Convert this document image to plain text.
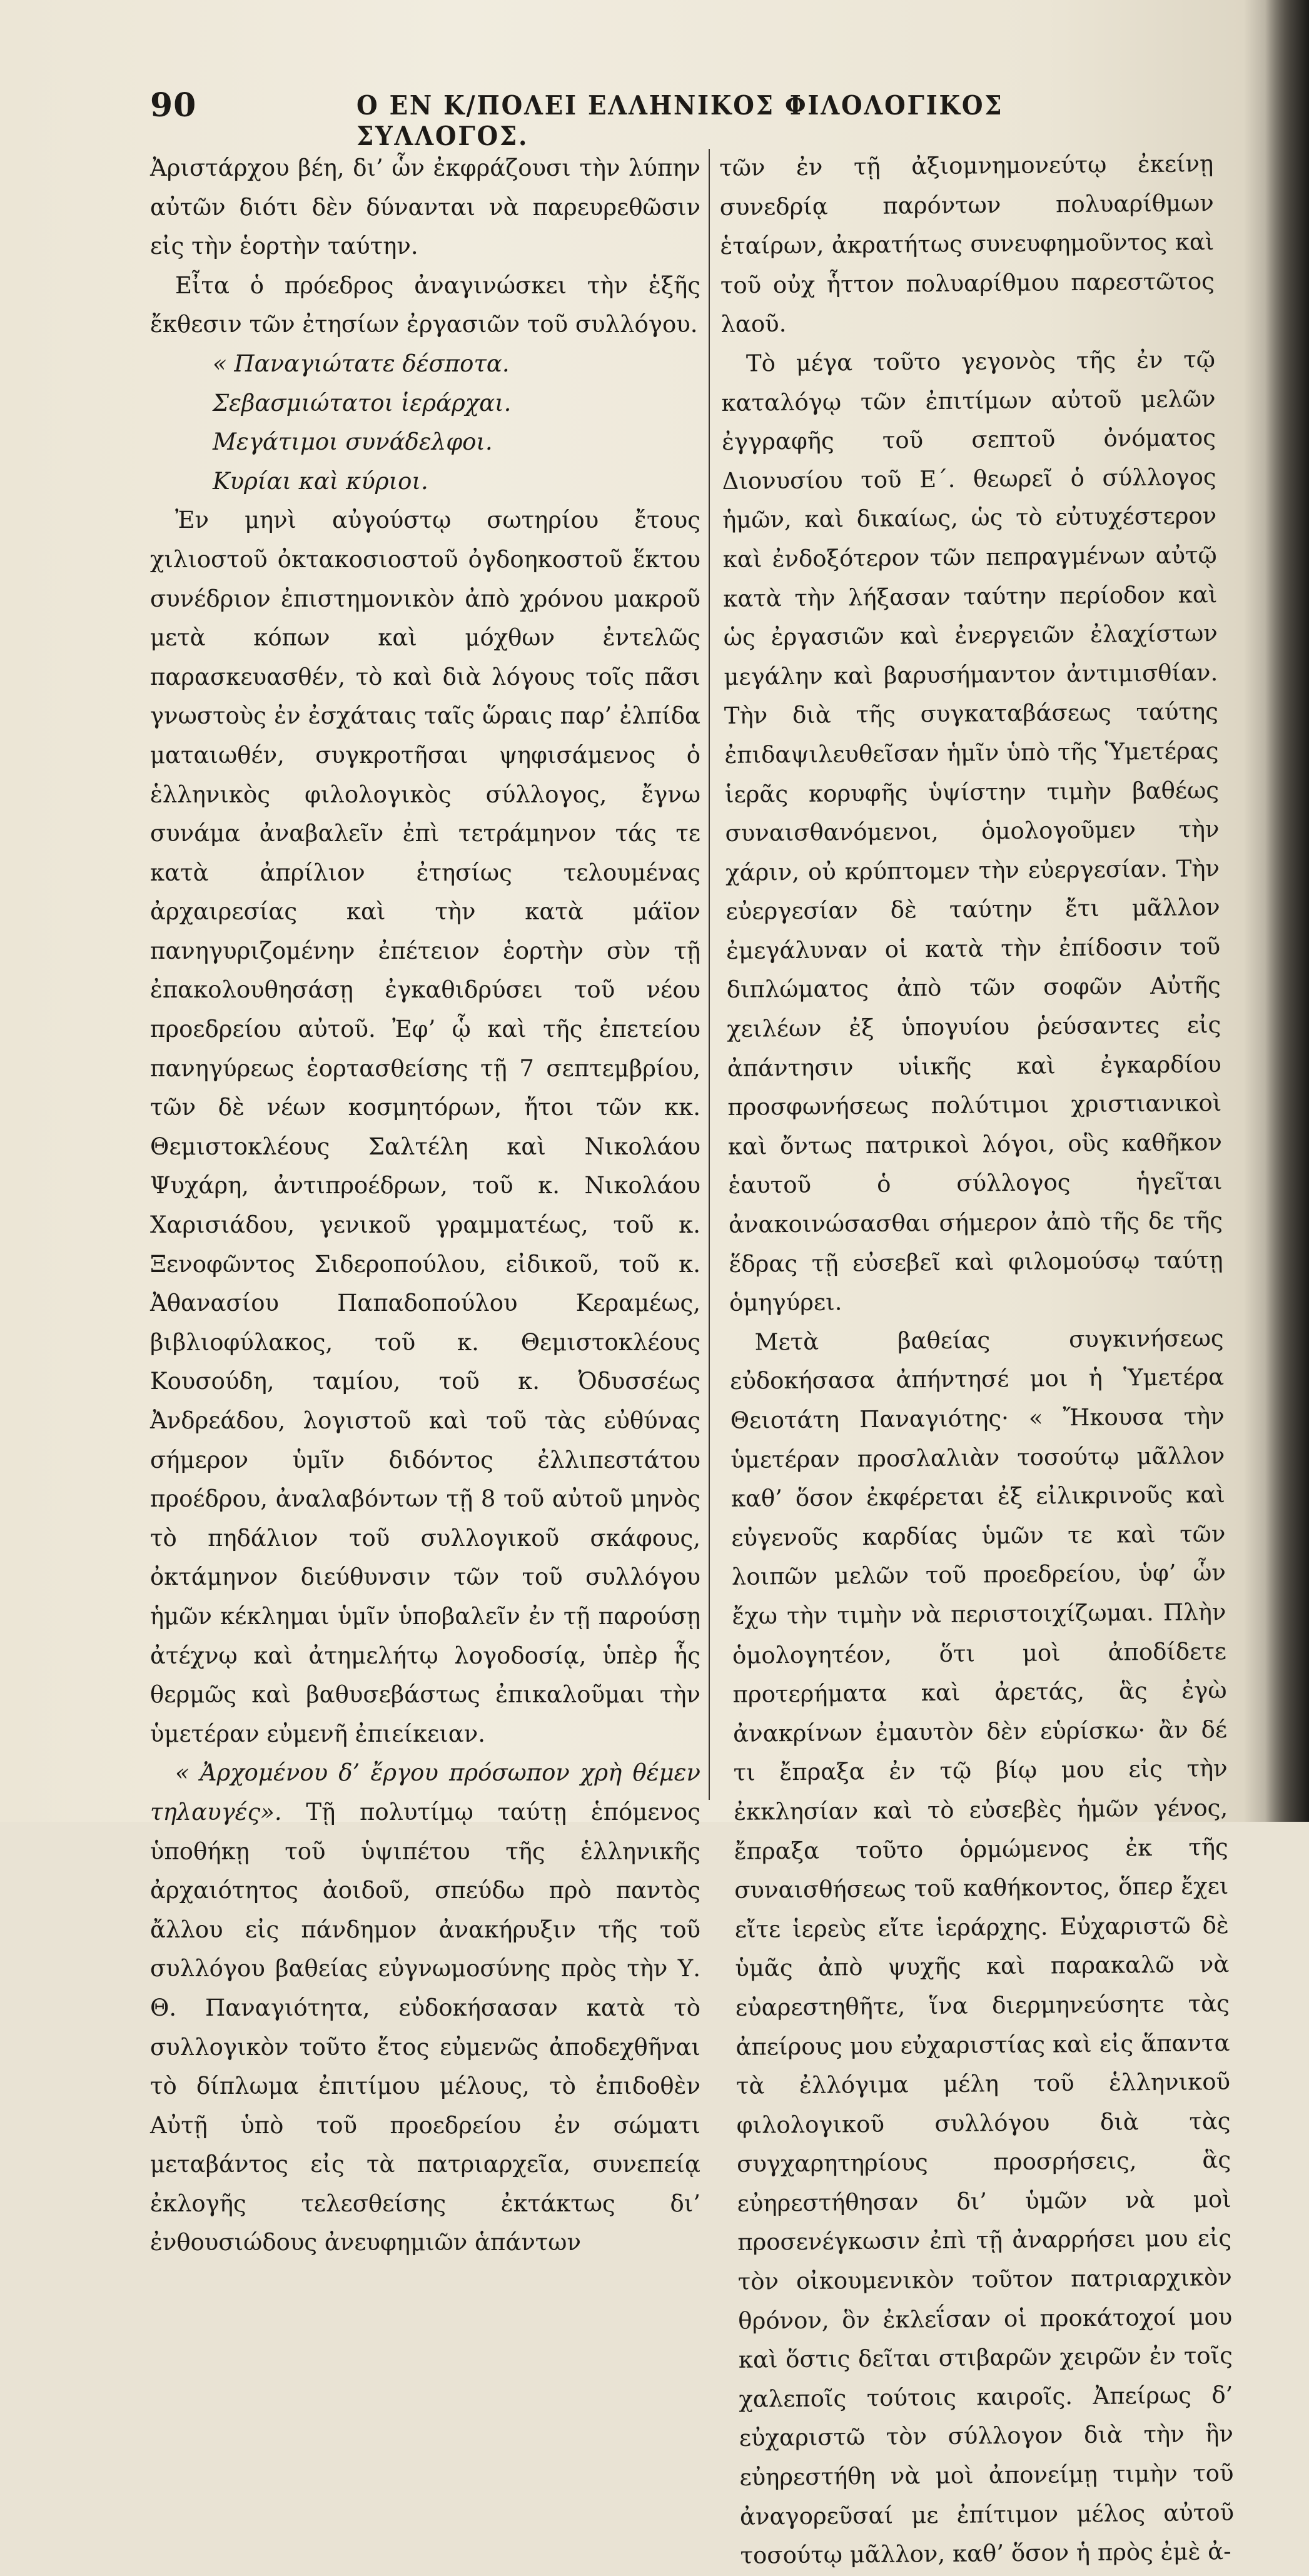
90	Ο ΕΝ Κ/ΠΟΛΕΙ ΕΛΛΗΝΙΚΟΣ ΦΙΛΟΛΟΓΙΚΟΣ ΣΥΛΛΟΓΟΣ.

Ἀριστάρχου βέη, δι’ ὧν ἐκφράζουσι τὴν λύπην αὐτῶν διότι δὲν δύνανται νὰ παρευρεθῶσιν εἰς τὴν ἑορτὴν ταύτην.

Εἶτα ὁ πρόεδρος ἀναγινώσκει τὴν ἑξῆς ἔκθεσιν τῶν ἐτησίων ἐργασιῶν τοῦ συλλόγου.

« Παναγιώτατε δέσποτα.

Σεβασμιώτατοι ἱεράρχαι.

Μεγάτιμοι συνάδελφοι.

Κυρίαι καὶ κύριοι.

Ἐν μηνὶ αὐγούστῳ σωτηρίου ἔτους χιλιοστοῦ ὀκτακοσιοστοῦ ὀγδοηκοστοῦ ἕκτου συνέδριον ἐπιστημονικὸν ἀπὸ χρόνου μακροῦ μετὰ κόπων καὶ μόχθων ἐντελῶς παρασκευασθέν, τὸ καὶ διὰ λόγους τοῖς πᾶσι γνωστοὺς ἐν ἐσχάταις ταῖς ὥραις παρ’ ἐλπίδα ματαιωθέν, συγκροτῆσαι ψηφισάμενος ὁ ἑλληνικὸς φιλολογικὸς σύλλογος, ἔγνω συνάμα ἀναβαλεῖν ἐπὶ τετράμηνον τάς τε κατὰ ἀπρίλιον ἐτησίως τελουμένας ἀρχαιρεσίας καὶ τὴν κατὰ μάϊον πανηγυριζομένην ἐπέτειον ἑορτὴν σὺν τῇ ἐπακολουθησάσῃ ἐγκαθιδρύσει τοῦ νέου προεδρείου αὐτοῦ. Ἐφ’ ᾧ καὶ τῆς ἐπετείου πανηγύρεως ἑορτασθείσης τῇ 7 σεπτεμβρίου, τῶν δὲ νέων κοσμητόρων, ἤτοι τῶν κκ. Θεμιστοκλέους Σαλτέλη καὶ Νικολάου Ψυχάρη, ἀντιπροέδρων, τοῦ κ. Νικολάου Χαρισιάδου, γενικοῦ γραμματέως, τοῦ κ. Ξενοφῶντος Σιδεροπούλου, εἰδικοῦ, τοῦ κ. Ἀθανασίου Παπαδοπούλου Κεραμέως, βιβλιοφύλακος, τοῦ κ. Θεμιστοκλέους Κουσούδη, ταμίου, τοῦ κ. Ὀδυσσέως Ἀνδρεάδου, λογιστοῦ καὶ τοῦ τὰς εὐθύνας σήμερον ὑμῖν διδόντος ἐλλιπεστάτου προέδρου, ἀναλαβόντων τῇ 8 τοῦ αὐτοῦ μηνὸς τὸ πηδάλιον τοῦ συλλογικοῦ σκάφους, ὀκτάμηνον διεύθυνσιν τῶν τοῦ συλλόγου ἡμῶν κέκλημαι ὑμῖν ὑποβαλεῖν ἐν τῇ παρούσῃ ἀτέχνῳ καὶ ἀτημελήτῳ λογοδοσίᾳ, ὑπὲρ ἧς θερμῶς καὶ βαθυσεβάστως ἐπικαλοῦμαι τὴν ὑμετέραν εὐμενῆ ἐπιείκειαν.

« Ἀρχομένου δ’ ἔργου πρόσωπον χρὴ θέμεν τηλαυγές». Τῇ πολυτίμῳ ταύτῃ ἑπόμενος ὑποθήκῃ τοῦ ὑψιπέτου τῆς ἑλληνικῆς ἀρχαιότητος ἀοιδοῦ, σπεύδω πρὸ παντὸς ἄλλου εἰς πάνδημον ἀνακήρυξιν τῆς τοῦ συλλόγου βαθείας εὐγνωμοσύνης πρὸς τὴν Υ. Θ. Παναγιότητα, εὐδοκήσασαν κατὰ τὸ συλλογικὸν τοῦτο ἔτος εὐμενῶς ἀποδεχθῆναι τὸ δίπλωμα ἐπιτίμου μέλους, τὸ ἐπιδοθὲν Αὐτῇ ὑπὸ τοῦ προεδρείου ἐν σώματι μεταβάντος εἰς τὰ πατριαρχεῖα, συνεπείᾳ ἐκλογῆς τελεσθείσης ἐκτάκτως δι’ ἐνθουσιώδους ἀνευφημιῶν ἁπάντων

τῶν ἐν τῇ ἀξιομνημονεύτῳ ἐκείνῃ συνεδρίᾳ παρόντων πολυαρίθμων ἑταίρων, ἀκρατήτως συνευφημοῦντος καὶ τοῦ οὐχ ἧττον πολυαρίθμου παρεστῶτος λαοῦ.

Τὸ μέγα τοῦτο γεγονὸς τῆς ἐν τῷ καταλόγῳ τῶν ἐπιτίμων αὐτοῦ μελῶν ἐγγραφῆς τοῦ σεπτοῦ ὀνόματος Διονυσίου τοῦ Ε΄. θεωρεῖ ὁ σύλλογος ἡμῶν, καὶ δικαίως, ὡς τὸ εὐτυχέστερον καὶ ἐνδοξότερον τῶν πεπραγμένων αὐτῷ κατὰ τὴν λήξασαν ταύτην περίοδον καὶ ὡς ἐργασιῶν καὶ ἐνεργειῶν ἐλαχίστων μεγάλην καὶ βαρυσήμαντον ἀντιμισθίαν. Τὴν διὰ τῆς συγκαταβάσεως ταύτης ἐπιδαψιλευθεῖσαν ἡμῖν ὑπὸ τῆς Ὑμετέρας ἱερᾶς κορυφῆς ὑψίστην τιμὴν βαθέως συναισθανόμενοι, ὁμολογοῦμεν τὴν χάριν, οὐ κρύπτομεν τὴν εὐεργεσίαν. Τὴν εὐεργεσίαν δὲ ταύτην ἔτι μᾶλλον ἐμεγάλυναν οἱ κατὰ τὴν ἐπίδοσιν τοῦ διπλώματος ἀπὸ τῶν σοφῶν Αὐτῆς χειλέων ἐξ ὑπογυίου ῥεύσαντες εἰς ἀπάντησιν υἱικῆς καὶ ἐγκαρδίου προσφωνήσεως πολύτιμοι χριστιανικοὶ καὶ ὄντως πατρικοὶ λόγοι, οὓς καθῆκον ἑαυτοῦ ὁ σύλλογος ἡγεῖται ἀνακοινώσασθαι σήμερον ἀπὸ τῆς δε τῆς ἕδρας τῇ εὐσεβεῖ καὶ φιλομούσῳ ταύτῃ ὁμηγύρει.

Μετὰ βαθείας συγκινήσεως εὐδοκήσασα ἀπήντησέ μοι ἡ Ὑμετέρα Θειοτάτη Παναγιότης· « Ἤκουσα τὴν ὑμετέραν προσλαλιὰν τοσούτῳ μᾶλλον καθ’ ὅσον ἐκφέρεται ἐξ εἰλικρινοῦς καὶ εὐγενοῦς καρδίας ὑμῶν τε καὶ τῶν λοιπῶν μελῶν τοῦ προεδρείου, ὑφ’ ὧν ἔχω τὴν τιμὴν νὰ περιστοιχίζωμαι. Πλὴν ὁμολογητέον, ὅτι μοὶ ἀποδίδετε προτερήματα καὶ ἀρετάς, ἃς ἐγὼ ἀνακρίνων ἐμαυτὸν δὲν εὑρίσκω· ἂν δέ τι ἔπραξα ἐν τῷ βίῳ μου εἰς τὴν ἐκκλησίαν καὶ τὸ εὐσεβὲς ἡμῶν γένος, ἔπραξα τοῦτο ὁρμώμενος ἐκ τῆς συναισθήσεως τοῦ καθήκοντος, ὅπερ ἔχει εἴτε ἱερεὺς εἴτε ἱεράρχης. Εὐχαριστῶ δὲ ὑμᾶς ἀπὸ ψυχῆς καὶ παρακαλῶ νὰ εὐαρεστηθῆτε, ἵνα διερμηνεύσητε τὰς ἀπείρους μου εὐχαριστίας καὶ εἰς ἅπαντα τὰ ἐλλόγιμα μέλη τοῦ ἑλληνικοῦ φιλολογικοῦ συλλόγου διὰ τὰς συγχαρητηρίους προσρήσεις, ἃς εὐηρεστήθησαν δι’ ὑμῶν νὰ μοὶ προσενέγκωσιν ἐπὶ τῇ ἀναρρήσει μου εἰς τὸν οἰκουμενικὸν τοῦτον πατριαρχικὸν θρόνον, ὃν ἐκλεΐσαν οἱ προκάτοχοί μου καὶ ὅστις δεῖται στιβαρῶν χειρῶν ἐν τοῖς χαλεποῖς τούτοις καιροῖς. Ἀπείρως δ’ εὐχαριστῶ τὸν σύλλογον διὰ τὴν ἣν εὐηρεστήθη νὰ μοὶ ἀπονείμῃ τιμὴν τοῦ ἀναγορεῦσαί με ἐπίτιμον μέλος αὐτοῦ τοσούτῳ μᾶλλον, καθ’ ὅσον ἡ πρὸς ἐμὲ ἀ-
